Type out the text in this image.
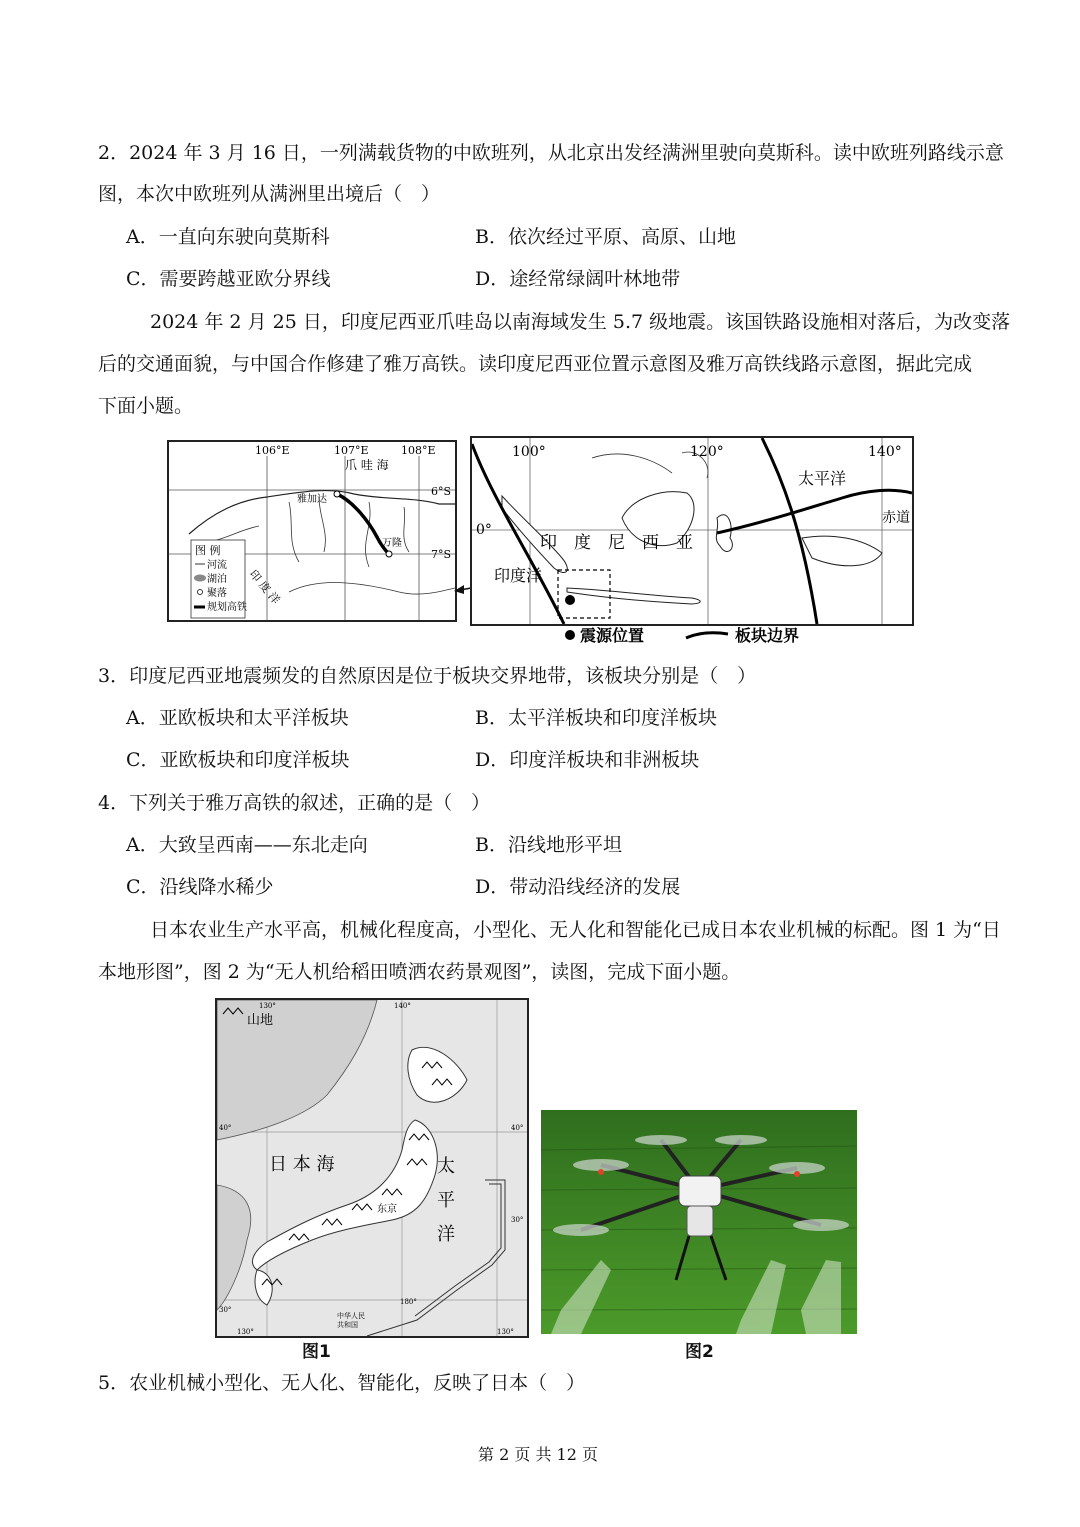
2．2024 年 3 月 16 日，一列满载货物的中欧班列，从北京出发经满洲里驶向莫斯科。读中欧班列路线示意
图，本次中欧班列从满洲里出境后（　）
A．一直向东驶向莫斯科	B．依次经过平原、高原、山地
C．需要跨越亚欧分界线	D．途经常绿阔叶林地带
2024 年 2 月 25 日，印度尼西亚爪哇岛以南海域发生 5.7 级地震。该国铁路设施相对落后，为改变落
后的交通面貌，与中国合作修建了雅万高铁。读印度尼西亚位置示意图及雅万高铁线路示意图，据此完成
下面小题。
106°E	107°E	108°E
6°S
7°S
爪 哇 海
雅加达
万隆
印 度 洋
图 例
河流
湖泊
聚落
规划高铁
100°	120°	140°
0°
太平洋
赤道
印　度　尼　西　亚
印度洋
震源位置	板块边界
3．印度尼西亚地震频发的自然原因是位于板块交界地带，该板块分别是（　）
A．亚欧板块和太平洋板块	B．太平洋板块和印度洋板块
C．亚欧板块和印度洋板块	D．印度洋板块和非洲板块
4．下列关于雅万高铁的叙述，正确的是（　）
A．大致呈西南——东北走向	B．沿线地形平坦
C．沿线降水稀少	D．带动沿线经济的发展
日本农业生产水平高，机械化程度高，小型化、无人化和智能化已成日本农业机械的标配。图 1 为“日
本地形图”，图 2 为“无人机给稻田喷洒农药景观图”，读图，完成下面小题。
山地
日 本 海	太
平
洋
东京
中华人民
共和国
130°	140°
40°	40°
30°
30°
130°	130°
180°
图1	图2
5．农业机械小型化、无人化、智能化，反映了日本（　）
第 2 页 共 12 页
